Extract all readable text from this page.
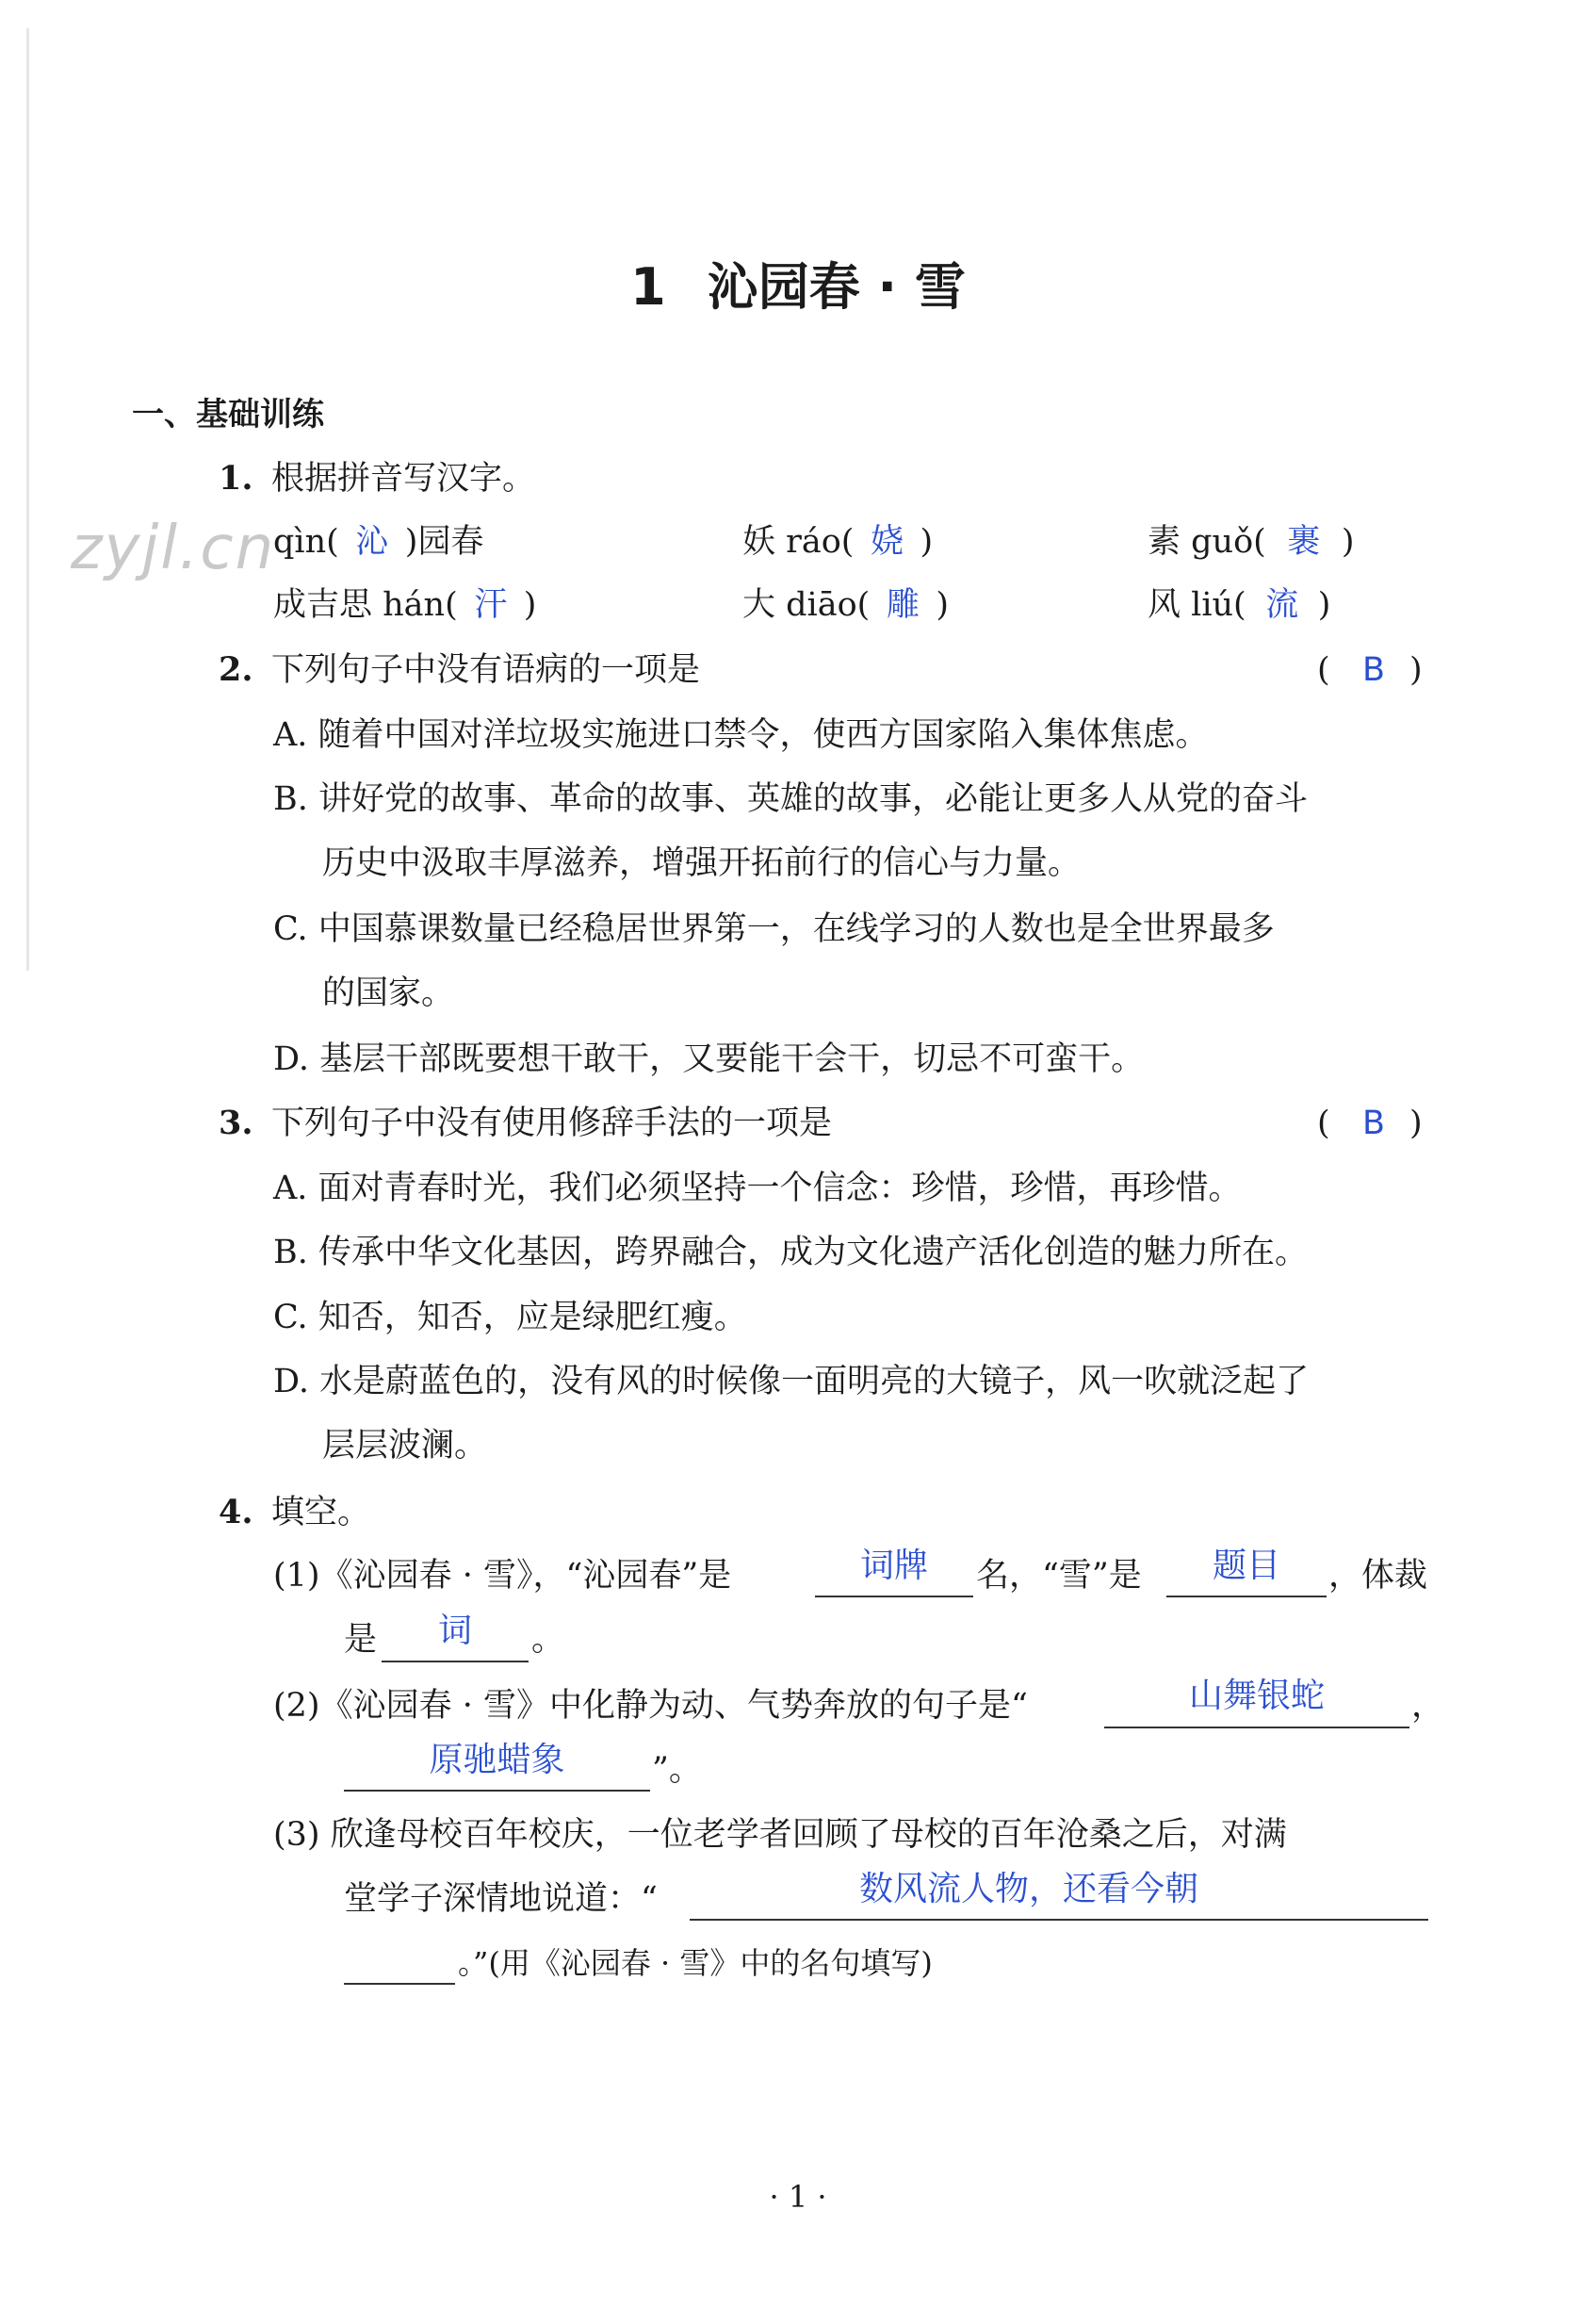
zyjl.cn
1 沁园春 · 雪
一、基础训练
1. 根据拼音写汉字。
qìn( 沁 )园春	妖 ráo( 娆 )	素 guǒ( 裹 )
成吉思 hán( 汗 )	大 diāo( 雕 )	风 liú( 流 )
2. 下列句子中没有语病的一项是	( B )
A. 随着中国对洋垃圾实施进口禁令，使西方国家陷入集体焦虑。
B. 讲好党的故事、革命的故事、英雄的故事，必能让更多人从党的奋斗
历史中汲取丰厚滋养，增强开拓前行的信心与力量。
C. 中国慕课数量已经稳居世界第一，在线学习的人数也是全世界最多
的国家。
D. 基层干部既要想干敢干，又要能干会干，切忌不可蛮干。
3. 下列句子中没有使用修辞手法的一项是	( B )
A. 面对青春时光，我们必须坚持一个信念：珍惜，珍惜，再珍惜。
B. 传承中华文化基因，跨界融合，成为文化遗产活化创造的魅力所在。
C. 知否，知否，应是绿肥红瘦。
D. 水是蔚蓝色的，没有风的时候像一面明亮的大镜子，风一吹就泛起了
层层波澜。
4. 填空。
(1)《沁园春 · 雪》，“沁园春”是	词牌	名，“雪”是	题目	，体裁
是	词	。
(2)《沁园春 · 雪》中化静为动、气势奔放的句子是“	山舞银蛇	，
原驰蜡象	”。
(3) 欣逢母校百年校庆，一位老学者回顾了母校的百年沧桑之后，对满
堂学子深情地说道：“	数风流人物，还看今朝
。”(用《沁园春 · 雪》中的名句填写)
· 1 ·
